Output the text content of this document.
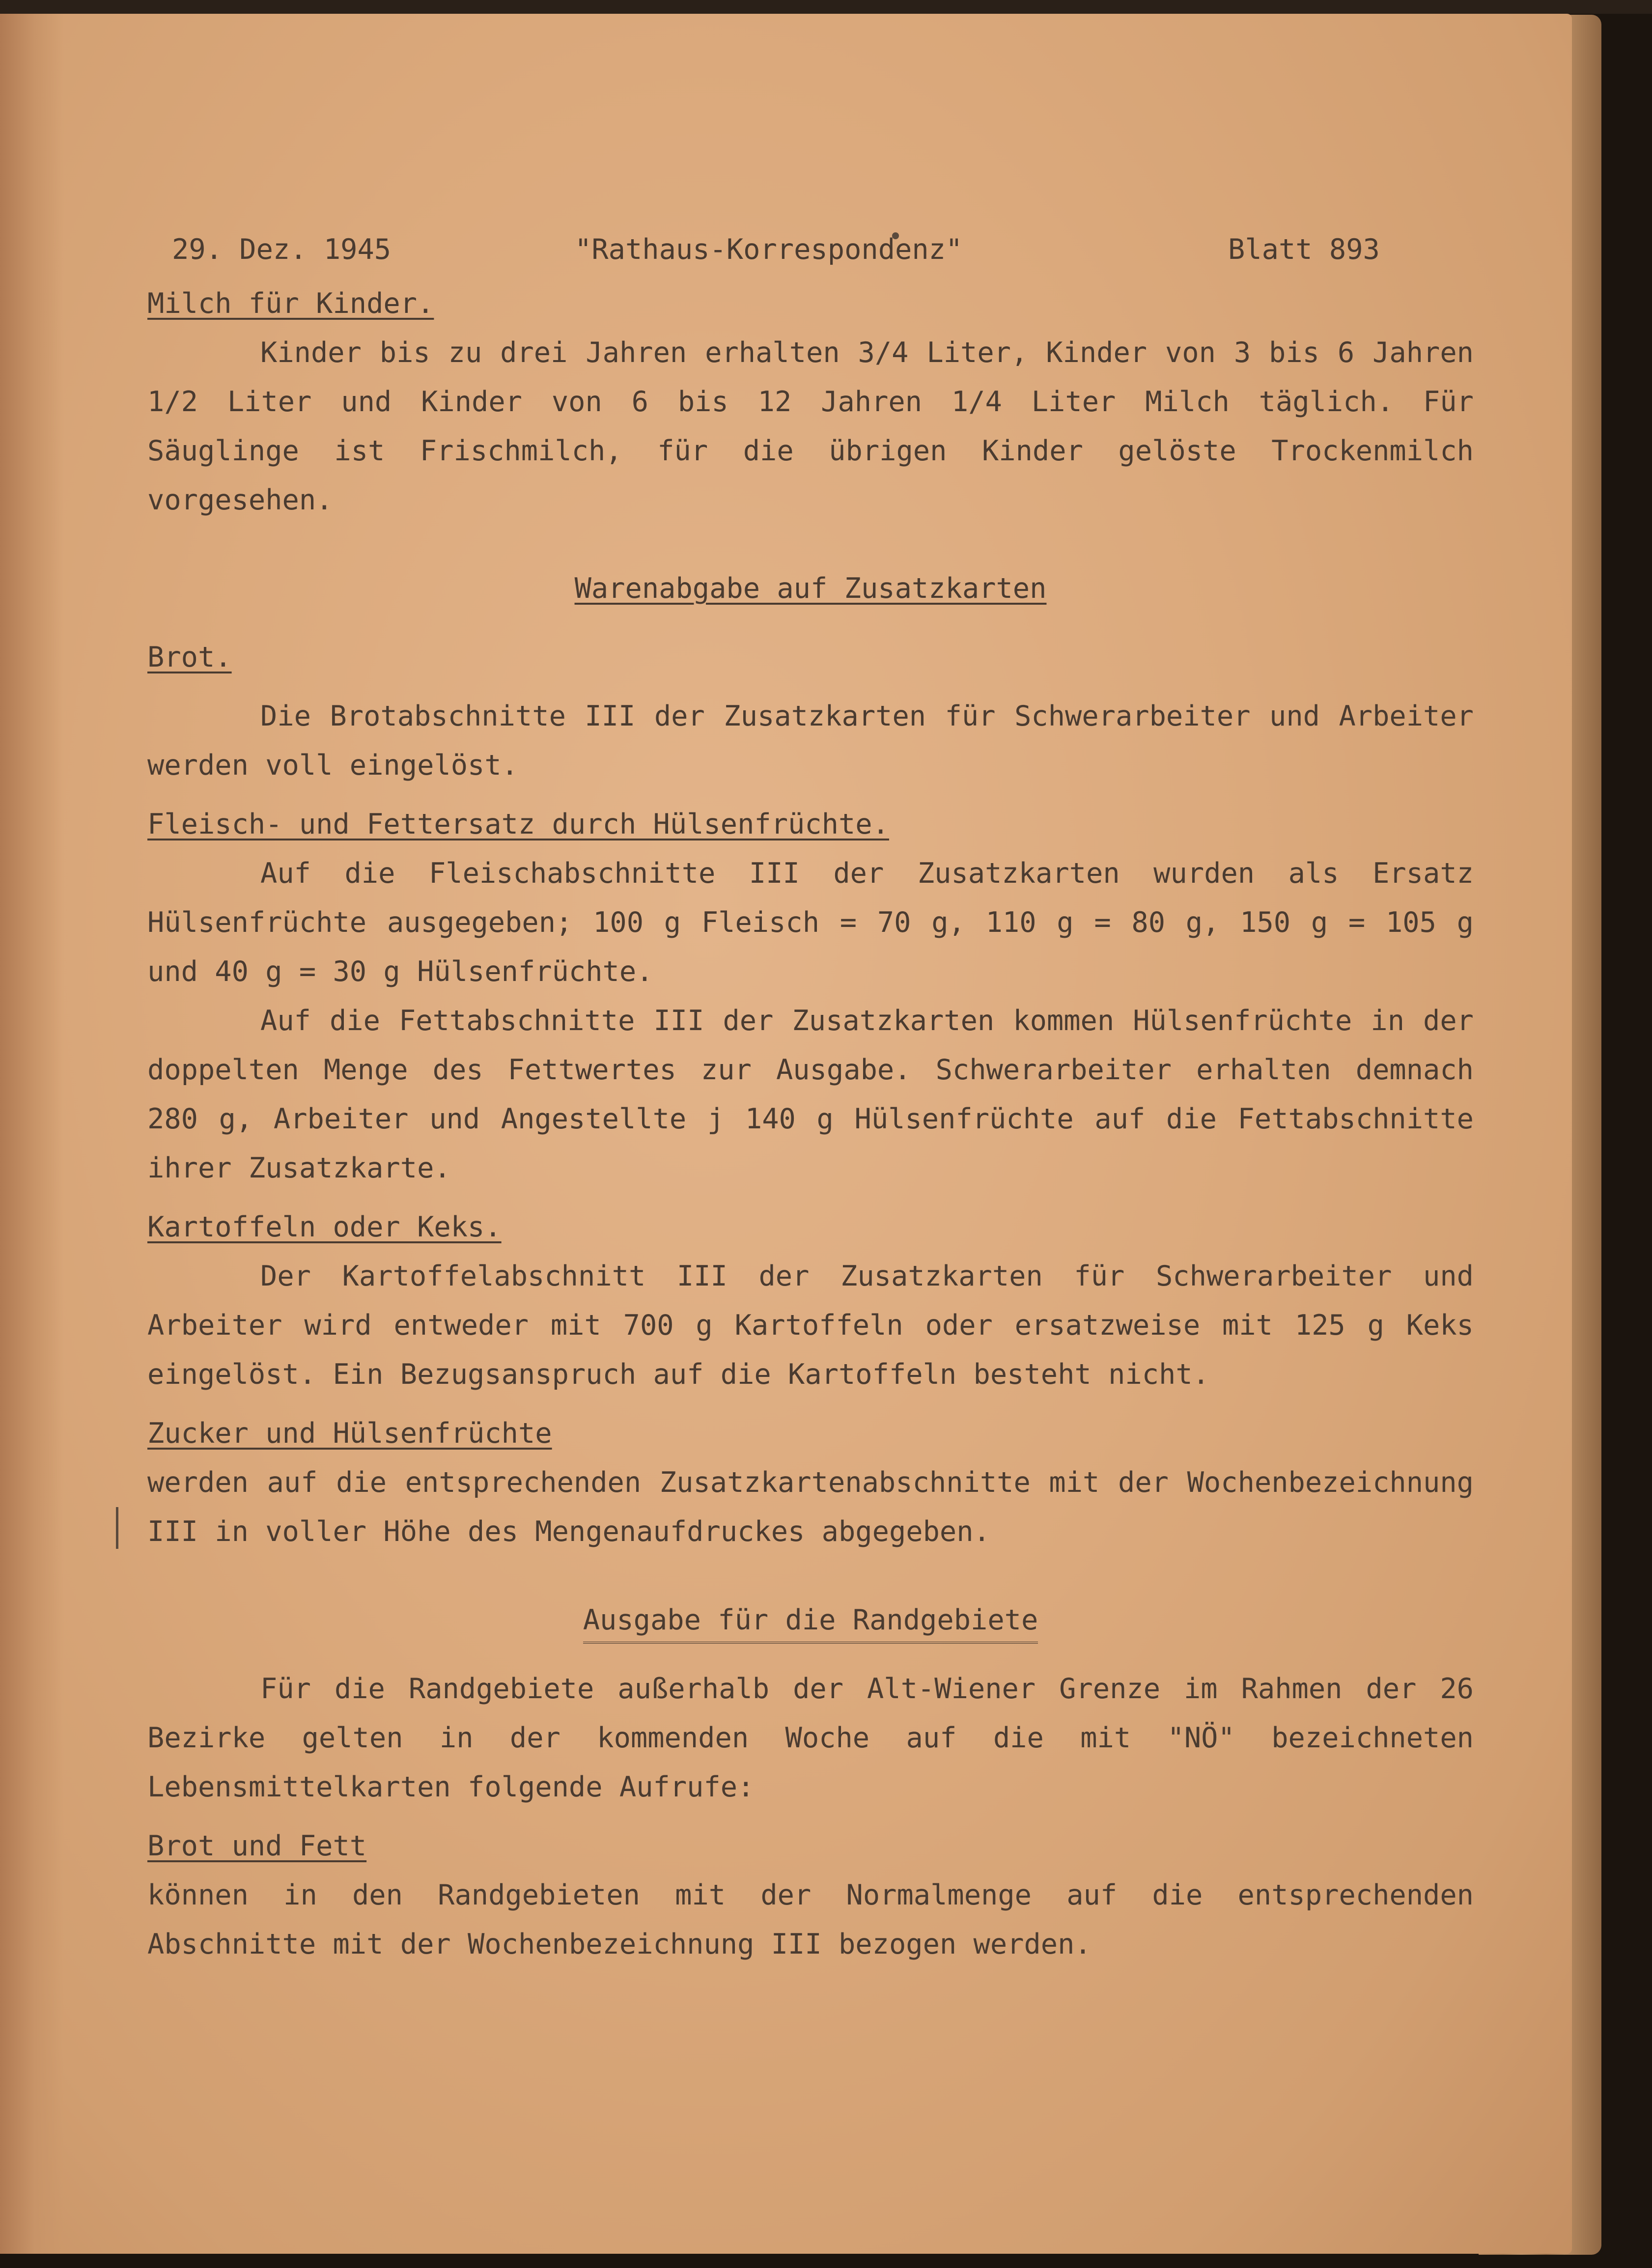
29. Dez. 1945	"Rathaus-Korrespondenz"	Blatt 893
Milch für Kinder.

Kinder bis zu drei Jahren erhalten 3/4 Liter, Kinder von 3 bis 6 Jahren 1/2 Liter und Kinder von 6 bis 12 Jahren 1/4 Liter Milch täglich. Für Säuglinge ist Frischmilch, für die übrigen Kinder gelöste Trockenmilch vorgesehen.

Warenabgabe auf Zusatzkarten
Brot.

Die Brotabschnitte III der Zusatzkarten für Schwerarbeiter und Arbeiter werden voll eingelöst.

Fleisch- und Fettersatz durch Hülsenfrüchte.

Auf die Fleischabschnitte III der Zusatzkarten wurden als Ersatz Hülsenfrüchte ausgegeben; 100 g Fleisch = 70 g, 110 g = 80 g, 150 g = 105 g und 40 g = 30 g Hülsenfrüchte.

Auf die Fettabschnitte III der Zusatzkarten kommen Hülsenfrüchte in der doppelten Menge des Fettwertes zur Ausgabe. Schwerarbeiter erhalten demnach 280 g, Arbeiter und Angestellte j 140 g Hülsenfrüchte auf die Fettabschnitte ihrer Zusatzkarte.

Kartoffeln oder Keks.

Der Kartoffelabschnitt III der Zusatzkarten für Schwerarbeiter und Arbeiter wird entweder mit 700 g Kartoffeln oder ersatzweise mit 125 g Keks eingelöst. Ein Bezugsanspruch auf die Kartoffeln besteht nicht.

Zucker und Hülsenfrüchte

werden auf die entsprechenden Zusatzkartenabschnitte mit der Wochenbezeichnung III in voller Höhe des Mengenaufdruckes abgegeben.

Ausgabe für die Randgebiete

Für die Randgebiete außerhalb der Alt-Wiener Grenze im Rahmen der 26 Bezirke gelten in der kommenden Woche auf die mit "NÖ" bezeichneten Lebensmittelkarten folgende Aufrufe:

Brot und Fett

können in den Randgebieten mit der Normalmenge auf die entsprechenden Abschnitte mit der Wochenbezeichnung III bezogen werden.
